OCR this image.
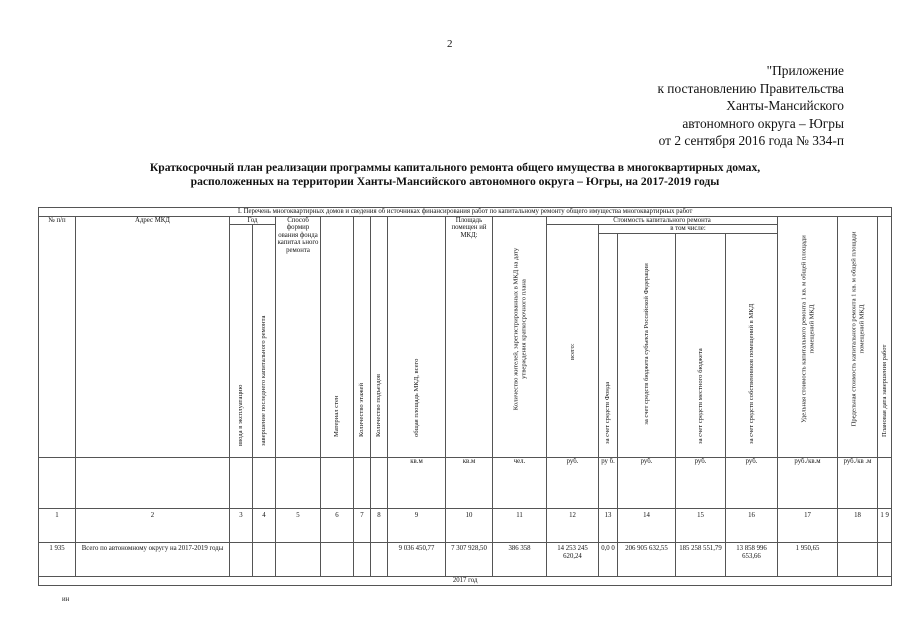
2
"Приложение
к постановлению Правительства
Ханты-Мансийского
автономного округа – Югры
от 2 сентября 2016 года № 334-п
Краткосрочный план реализации программы капитального ремонта общего имущества в многоквартирных домах,
расположенных на территории Ханты-Мансийского автономного округа – Югры, на 2017-2019 годы
I. Перечень многоквартирных домов и сведения об источниках финансирования работ по капитальному ремонту общего имущества многоквартирных работ																		
№ п/п	Адрес МКД	Год		Способ формир ования фонда капитал ьного ремонта	Материал стен	Количество этажей	Количество подъездов	общая площадь МКД, всего	Площадь помещен ий МКД:	Количество жителей, зарегистрированных в МКД на дату утверждения краткосрочного плана	Стоимость капитального ремонта					Удельная стоимость капитального ремонта 1 кв. м общей площади помещений МКД	Предельная стоимость капитального ремонта 1 кв. м общей площади помещений МКД	Плановая дата завершения работ

		ввода в эксплуатацию	завершение последнего капитального ремонта								всего:	в том числе:						

												за счет средств Фонда	за счет средств бюджета субъекта Российской Федерации	за счет средств местного бюджета	за счет средств собственников помещений в МКД			

								кв.м	кв.м	чел.	руб.	ру б.	руб.	руб.	руб.	руб./кв.м	руб./кв .м	
1	2	3	4	5	6	7	8	9	10	11	12	13	14	15	16	17	18	1 9
1 935	Всего по автономному округу на 2017-2019 годы							9 036 450,77	7 307 928,50	386 358	14 253 245 620,24	0,0 0	206 905 632,55	185 258 551,79	13 858 996 653,66	1 950,65		
2017 год																		
ин
